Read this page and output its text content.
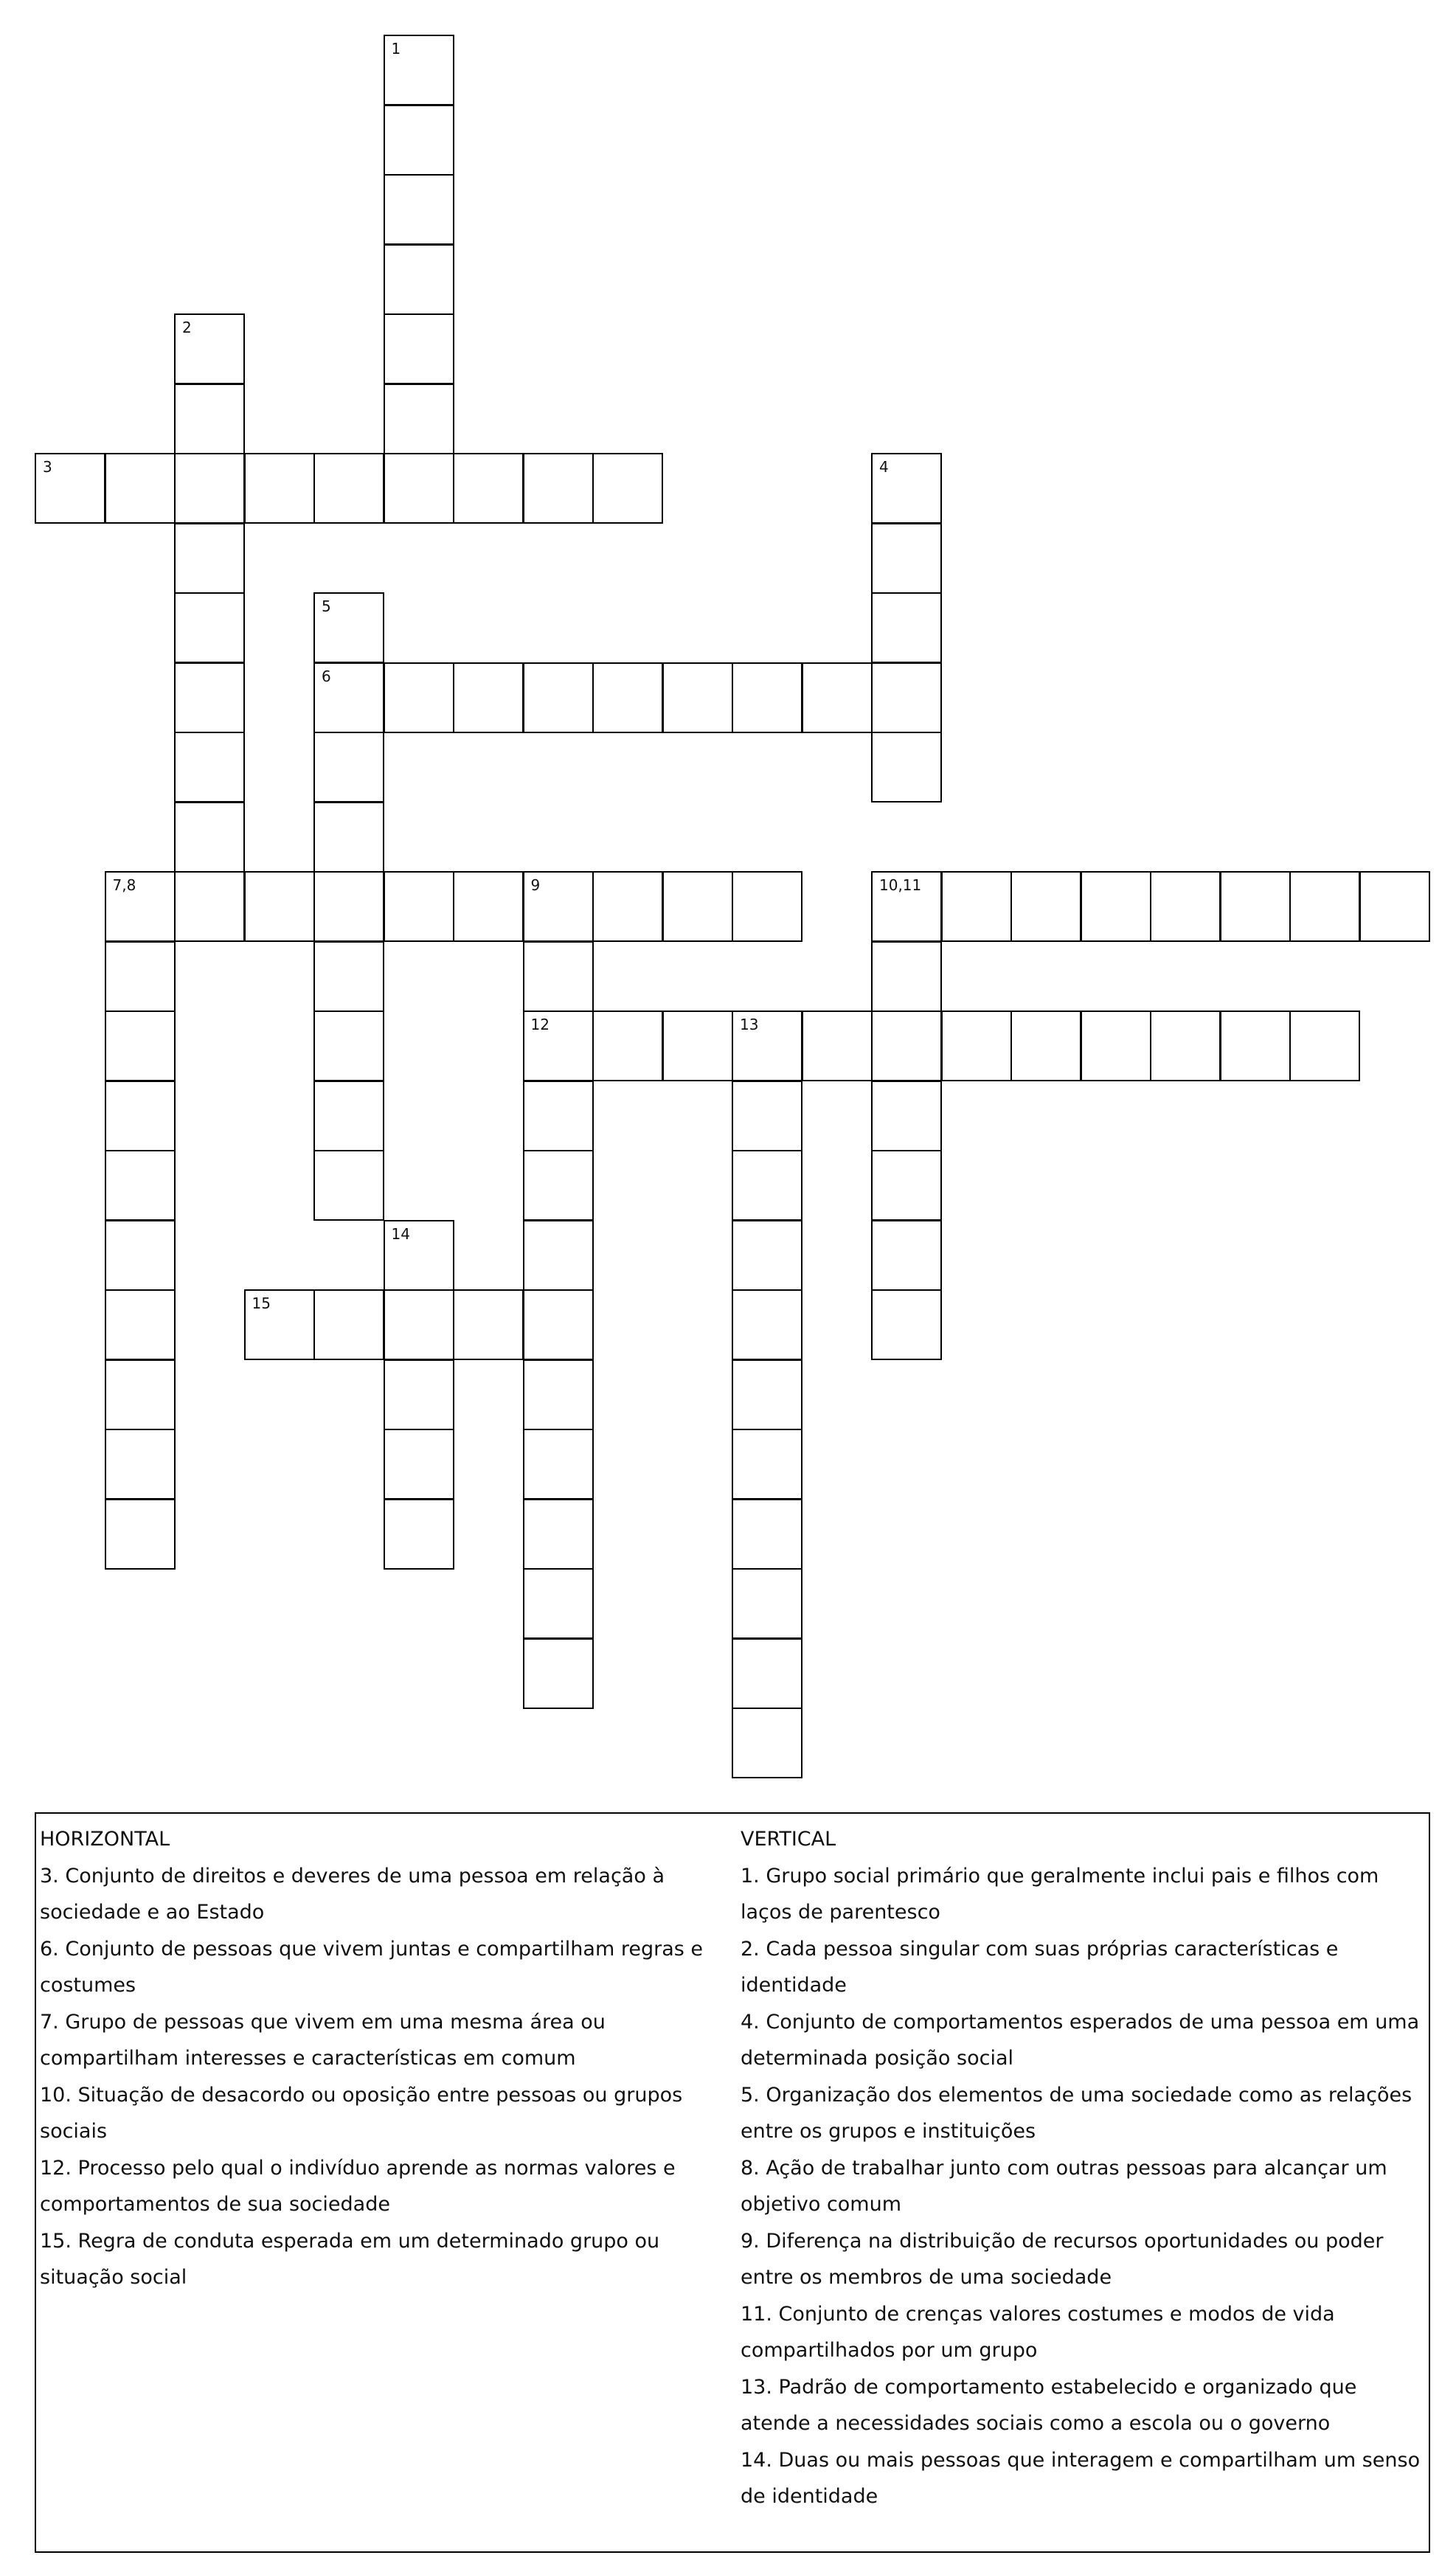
1
2
3	4
5
6
7,8	9	10,11
12	13
14
15
HORIZONTAL
3. Conjunto de direitos e deveres de uma pessoa em relação à sociedade e ao Estado
6. Conjunto de pessoas que vivem juntas e compartilham regras e costumes
7. Grupo de pessoas que vivem em uma mesma área ou compartilham interesses e características em comum
10. Situação de desacordo ou oposição entre pessoas ou grupos sociais
12. Processo pelo qual o indivíduo aprende as normas valores e comportamentos de sua sociedade
15. Regra de conduta esperada em um determinado grupo ou situação social
VERTICAL
1. Grupo social primário que geralmente inclui pais e filhos com laços de parentesco
2. Cada pessoa singular com suas próprias características e identidade
4. Conjunto de comportamentos esperados de uma pessoa em uma determinada posição social
5. Organização dos elementos de uma sociedade como as relações entre os grupos e instituições
8. Ação de trabalhar junto com outras pessoas para alcançar um objetivo comum
9. Diferença na distribuição de recursos oportunidades ou poder entre os membros de uma sociedade
11. Conjunto de crenças valores costumes e modos de vida compartilhados por um grupo
13. Padrão de comportamento estabelecido e organizado que atende a necessidades sociais como a escola ou o governo
14. Duas ou mais pessoas que interagem e compartilham um senso de identidade
